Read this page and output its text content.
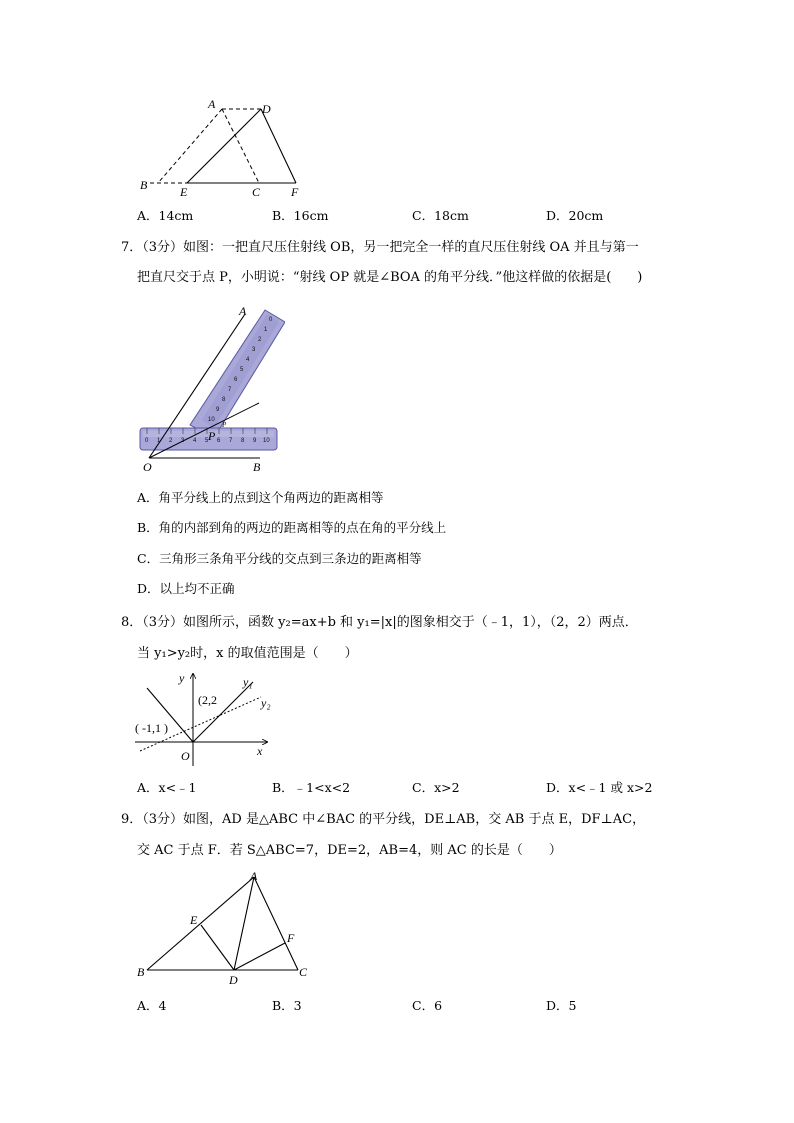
A	D
B	E	C	F
A．14cm	B．16cm	C．18cm	D．20cm
7．（3分）如图：一把直尺压住射线 OB，另一把完全一样的直尺压住射线 OA 并且与第一
把直尺交于点 P，小明说：“射线 OP 就是∠BOA 的角平分线．”他这样做的依据是(　　)
0 1 2	4 5 6 7 8 9 10
0
1
2
3
4
5
6
7
8
9
10
A
O	B
P
P
A．角平分线上的点到这个角两边的距离相等
B．角的内部到角的两边的距离相等的点在角的平分线上
C．三角形三条角平分线的交点到三条边的距离相等
D．以上均不正确
8．（3分）如图所示，函数 y₂=ax+b 和 y₁=|x|的图象相交于（﹣1，1），（2，2）两点．
当 y₁>y₂时，x 的取值范围是（　　）
y
x
O
(2,2
( -1,1 )
y₁
y₂
A．x<﹣1	B．﹣1<x<2	C．x>2	D．x<﹣1 或 x>2
9．（3分）如图，AD 是△ABC 中∠BAC 的平分线，DE⊥AB，交 AB 于点 E，DF⊥AC，
交 AC 于点 F．若 S△ABC=7，DE=2，AB=4，则 AC 的长是（　　）
A
B	C
D
E
F
A．4	B．3	C．6	D．5
